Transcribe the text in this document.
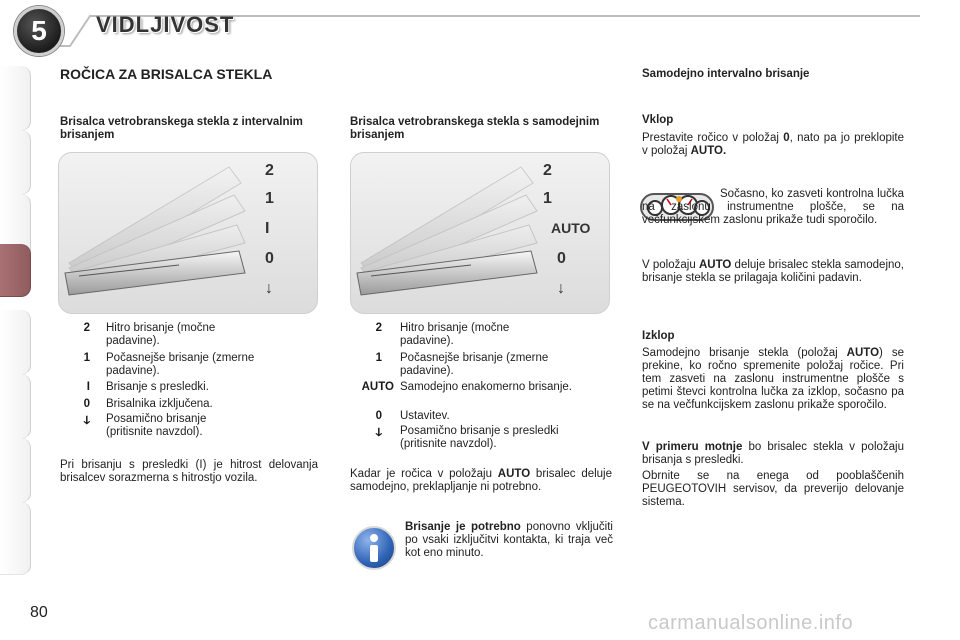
5	VIDLJIVOST
ROČICA ZA BRISALCA STEKLA
Brisalca vetrobranskega stekla z intervalnim brisanjem
2
1
I
0
↓
2 Hitro brisanje (močne padavine).
1 Počasnejše brisanje (zmerne padavine).
I Brisanje s presledki.
0 Brisalnika izključena.
ↆ Posamično brisanje (pritisnite navzdol).
Pri brisanju s presledki (I) je hitrost delovanja brisalcev sorazmerna s hitrostjo vozila.
Brisalca vetrobranskega stekla s samodejnim brisanjem
2
1
AUTO
0
↓
2 Hitro brisanje (močne padavine).
1 Počasnejše brisanje (zmerne padavine).
AUTO Samodejno enakomerno brisanje.
0 Ustavitev.
ↆ Posamično brisanje s presledki (pritisnite navzdol).
Kadar je ročica v položaju AUTO brisalec deluje samodejno, preklapljanje ni potrebno.
Brisanje je potrebno ponovno vključiti po vsaki izključitvi kontakta, ki traja več kot eno minuto.
Samodejno intervalno brisanje
Vklop
Prestavite ročico v položaj 0, nato pa jo preklopite v položaj AUTO.
Sočasno, ko zasveti kontrolna lučka na zaslonu instrumentne plošče, se na večfunkcijskem zaslonu prikaže tudi sporočilo.
V položaju AUTO deluje brisalec stekla samodejno, brisanje stekla se prilagaja količini padavin.
Izklop
Samodejno brisanje stekla (položaj AUTO) se prekine, ko ročno spremenite položaj ročice. Pri tem zasveti na zaslonu instrumentne plošče s petimi števci kontrolna lučka za izklop, sočasno pa se na večfunkcijskem zaslonu prikaže sporočilo.
V primeru motnje bo brisalec stekla v položaju brisanja s presledki.
Obrnite se na enega od pooblaščenih PEUGEOTOVIH servisov, da preverijo delovanje sistema.
80	carmanualsonline.info
